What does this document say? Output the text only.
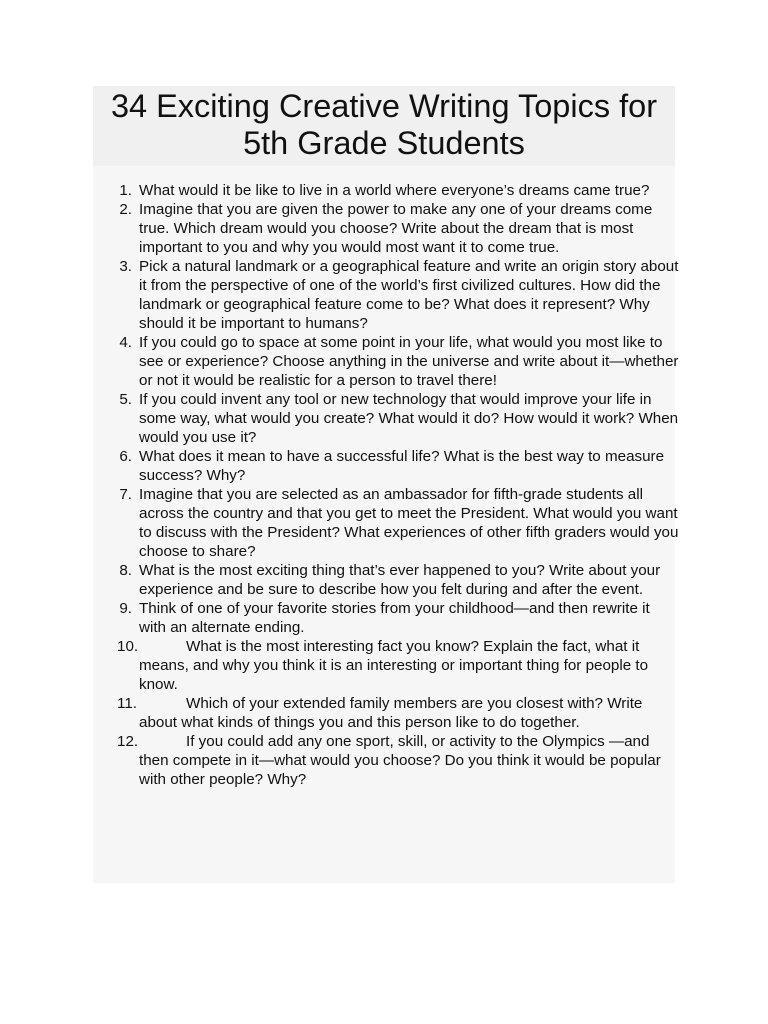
34 Exciting Creative Writing Topics for 5th Grade Students
1. What would it be like to live in a world where everyone’s dreams came true?
2. Imagine that you are given the power to make any one of your dreams come true. Which dream would you choose? Write about the dream that is most important to you and why you would most want it to come true.
3. Pick a natural landmark or a geographical feature and write an origin story about it from the perspective of one of the world’s first civilized cultures. How did the landmark or geographical feature come to be? What does it represent? Why should it be important to humans?
4. If you could go to space at some point in your life, what would you most like to see or experience? Choose anything in the universe and write about it—whether or not it would be realistic for a person to travel there!
5. If you could invent any tool or new technology that would improve your life in some way, what would you create? What would it do? How would it work? When would you use it?
6. What does it mean to have a successful life? What is the best way to measure success? Why?
7. Imagine that you are selected as an ambassador for fifth-grade students all across the country and that you get to meet the President. What would you want to discuss with the President? What experiences of other fifth graders would you choose to share?
8. What is the most exciting thing that’s ever happened to you? Write about your experience and be sure to describe how you felt during and after the event.
9. Think of one of your favorite stories from your childhood—and then rewrite it with an alternate ending.
10.	What is the most interesting fact you know? Explain the fact, what it means, and why you think it is an interesting or important thing for people to know.
11.	Which of your extended family members are you closest with? Write about what kinds of things you and this person like to do together.
12.	If you could add any one sport, skill, or activity to the Olympics —and then compete in it—what would you choose? Do you think it would be popular with other people? Why?
